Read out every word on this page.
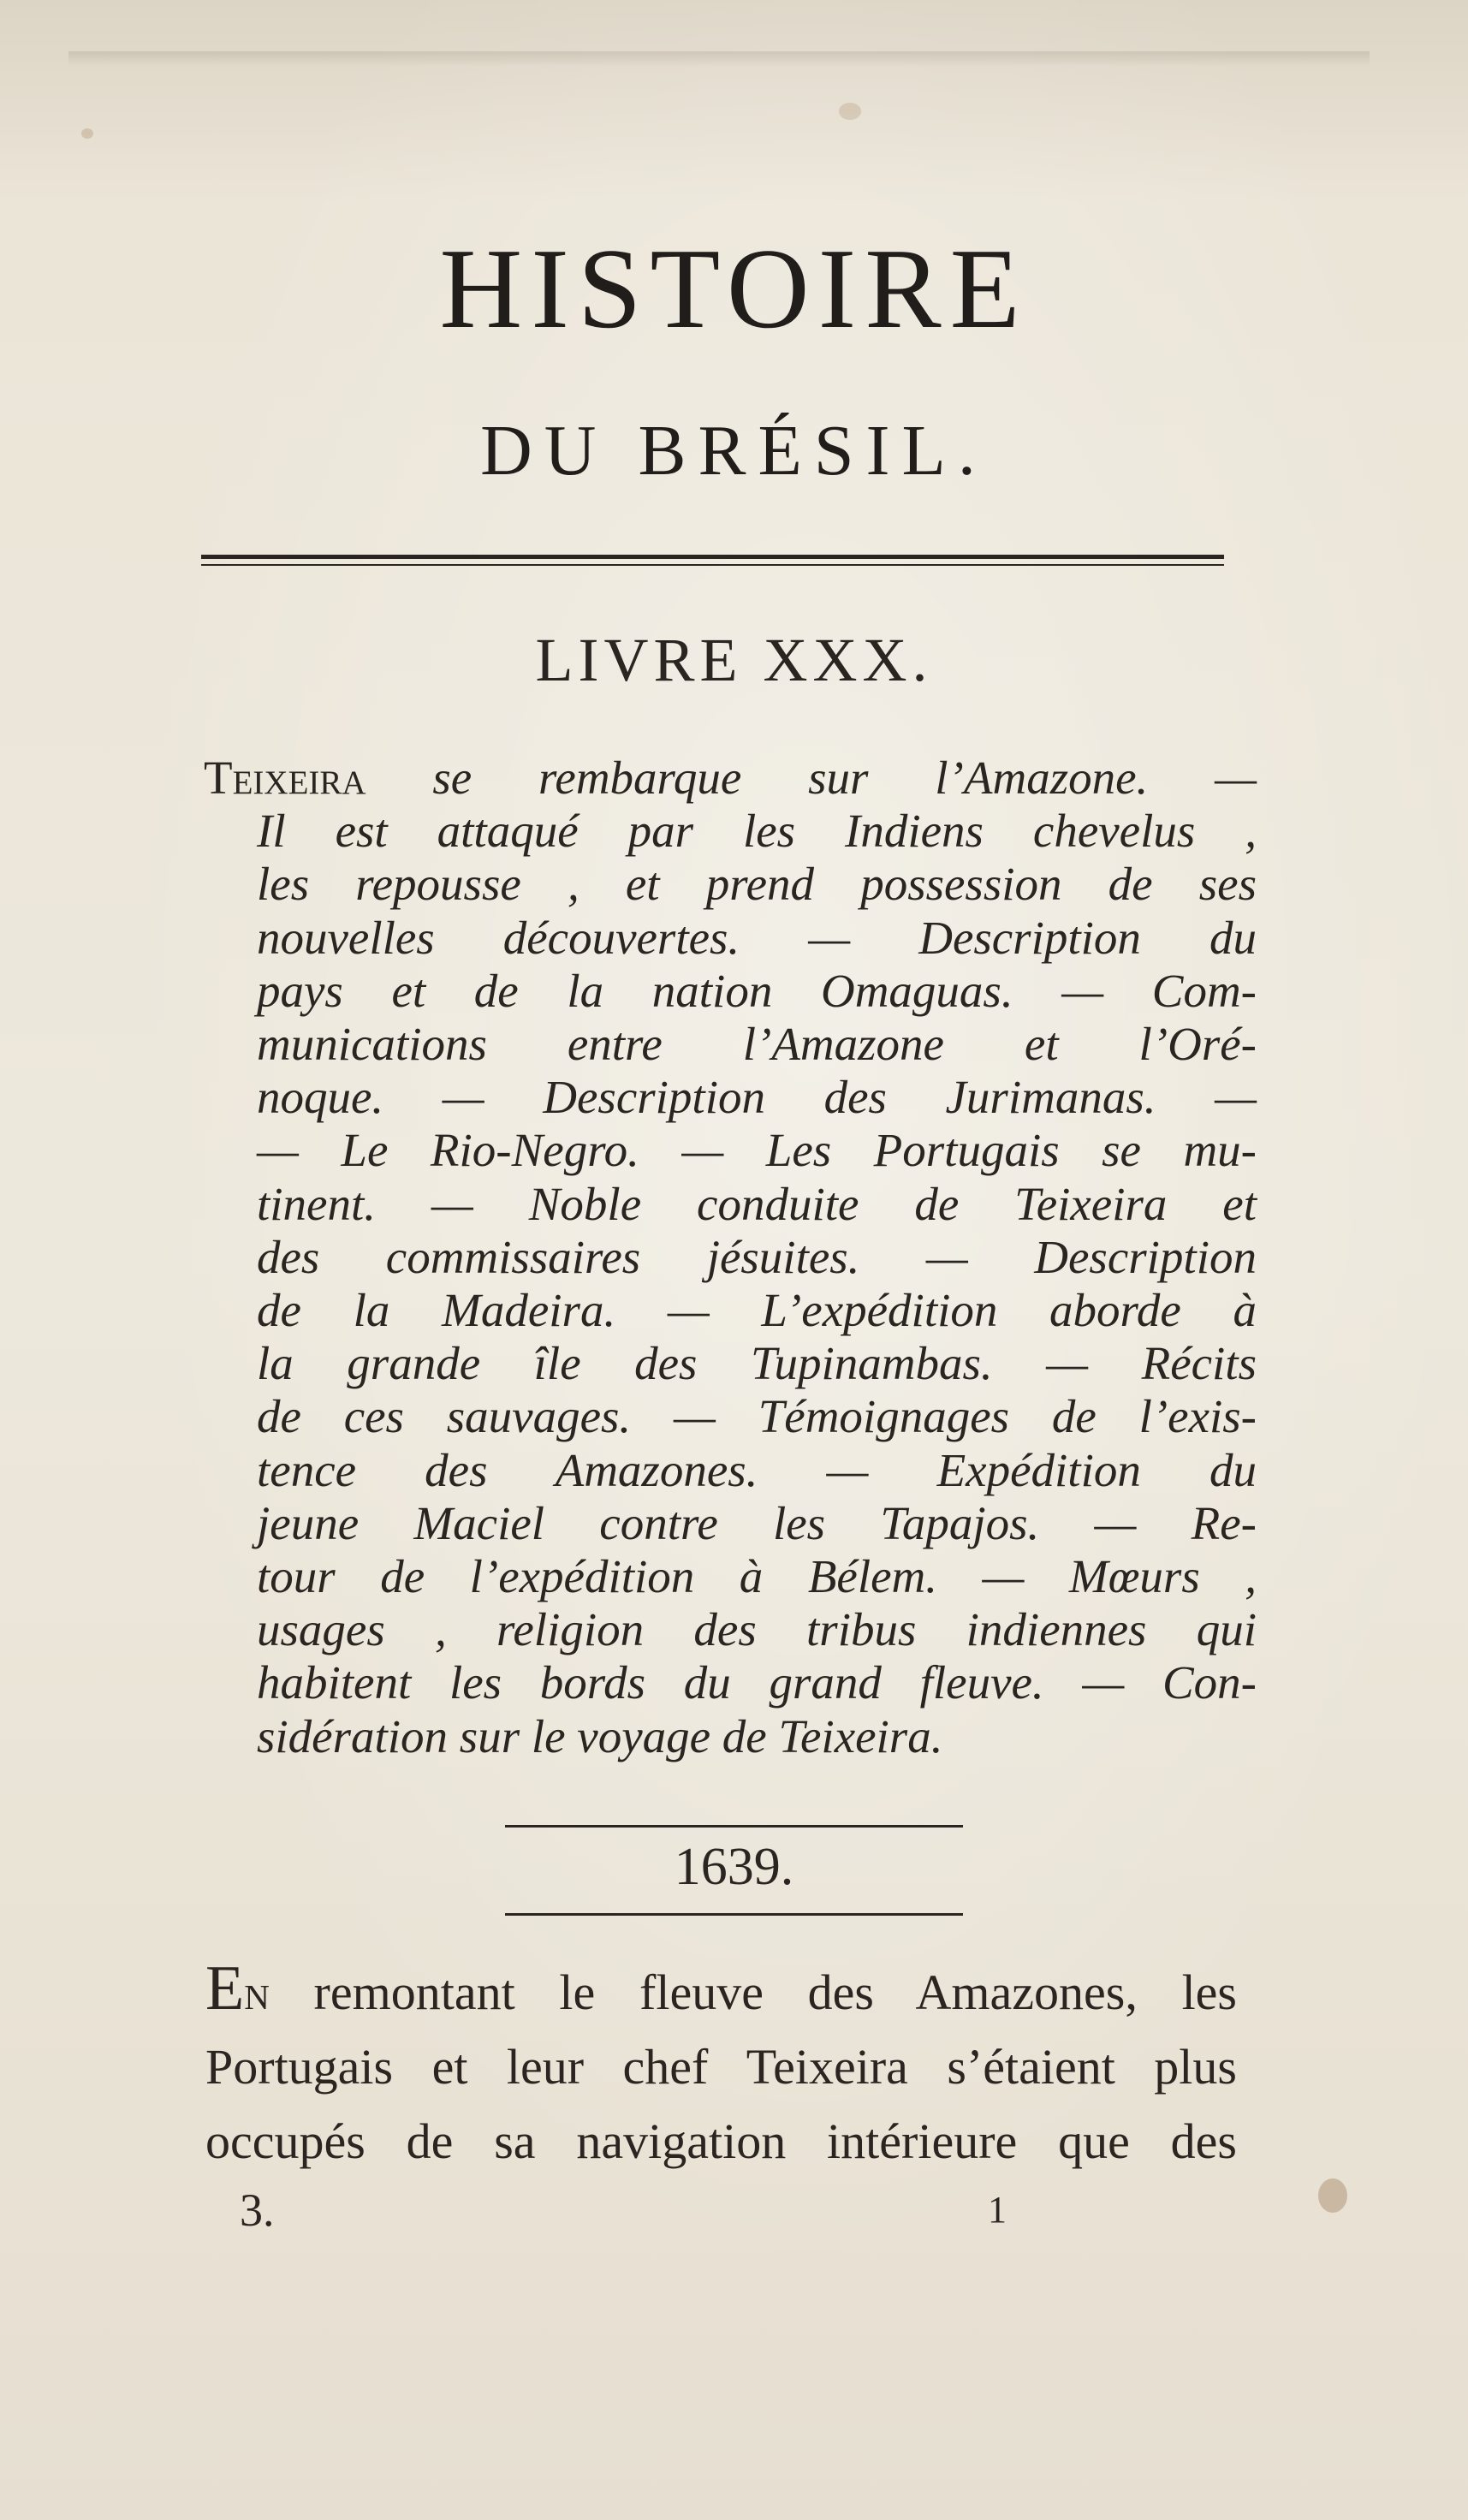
HISTOIRE
DU BRÉSIL.
LIVRE XXX.
Teixeira se rembarque sur l’Amazone. —
Il est attaqué par les Indiens chevelus ,
les repousse , et prend possession de ses
nouvelles découvertes. — Description du
pays et de la nation Omaguas. — Com-
munications entre l’Amazone et l’Oré-
noque. — Description des Jurimanas. —
— Le Rio-Negro. — Les Portugais se mu-
tinent. — Noble conduite de Teixeira et
des commissaires jésuites. — Description
de la Madeira. — L’expédition aborde à
la grande île des Tupinambas. — Récits
de ces sauvages. — Témoignages de l’exis-
tence des Amazones. — Expédition du
jeune Maciel contre les Tapajos. — Re-
tour de l’expédition à Bélem. — Mœurs ,
usages , religion des tribus indiennes qui
habitent les bords du grand fleuve. — Con-
sidération sur le voyage de Teixeira.
1639.
En remontant le fleuve des Amazones, les
Portugais et leur chef Teixeira s’étaient plus
occupés de sa navigation intérieure que des
3.	1
